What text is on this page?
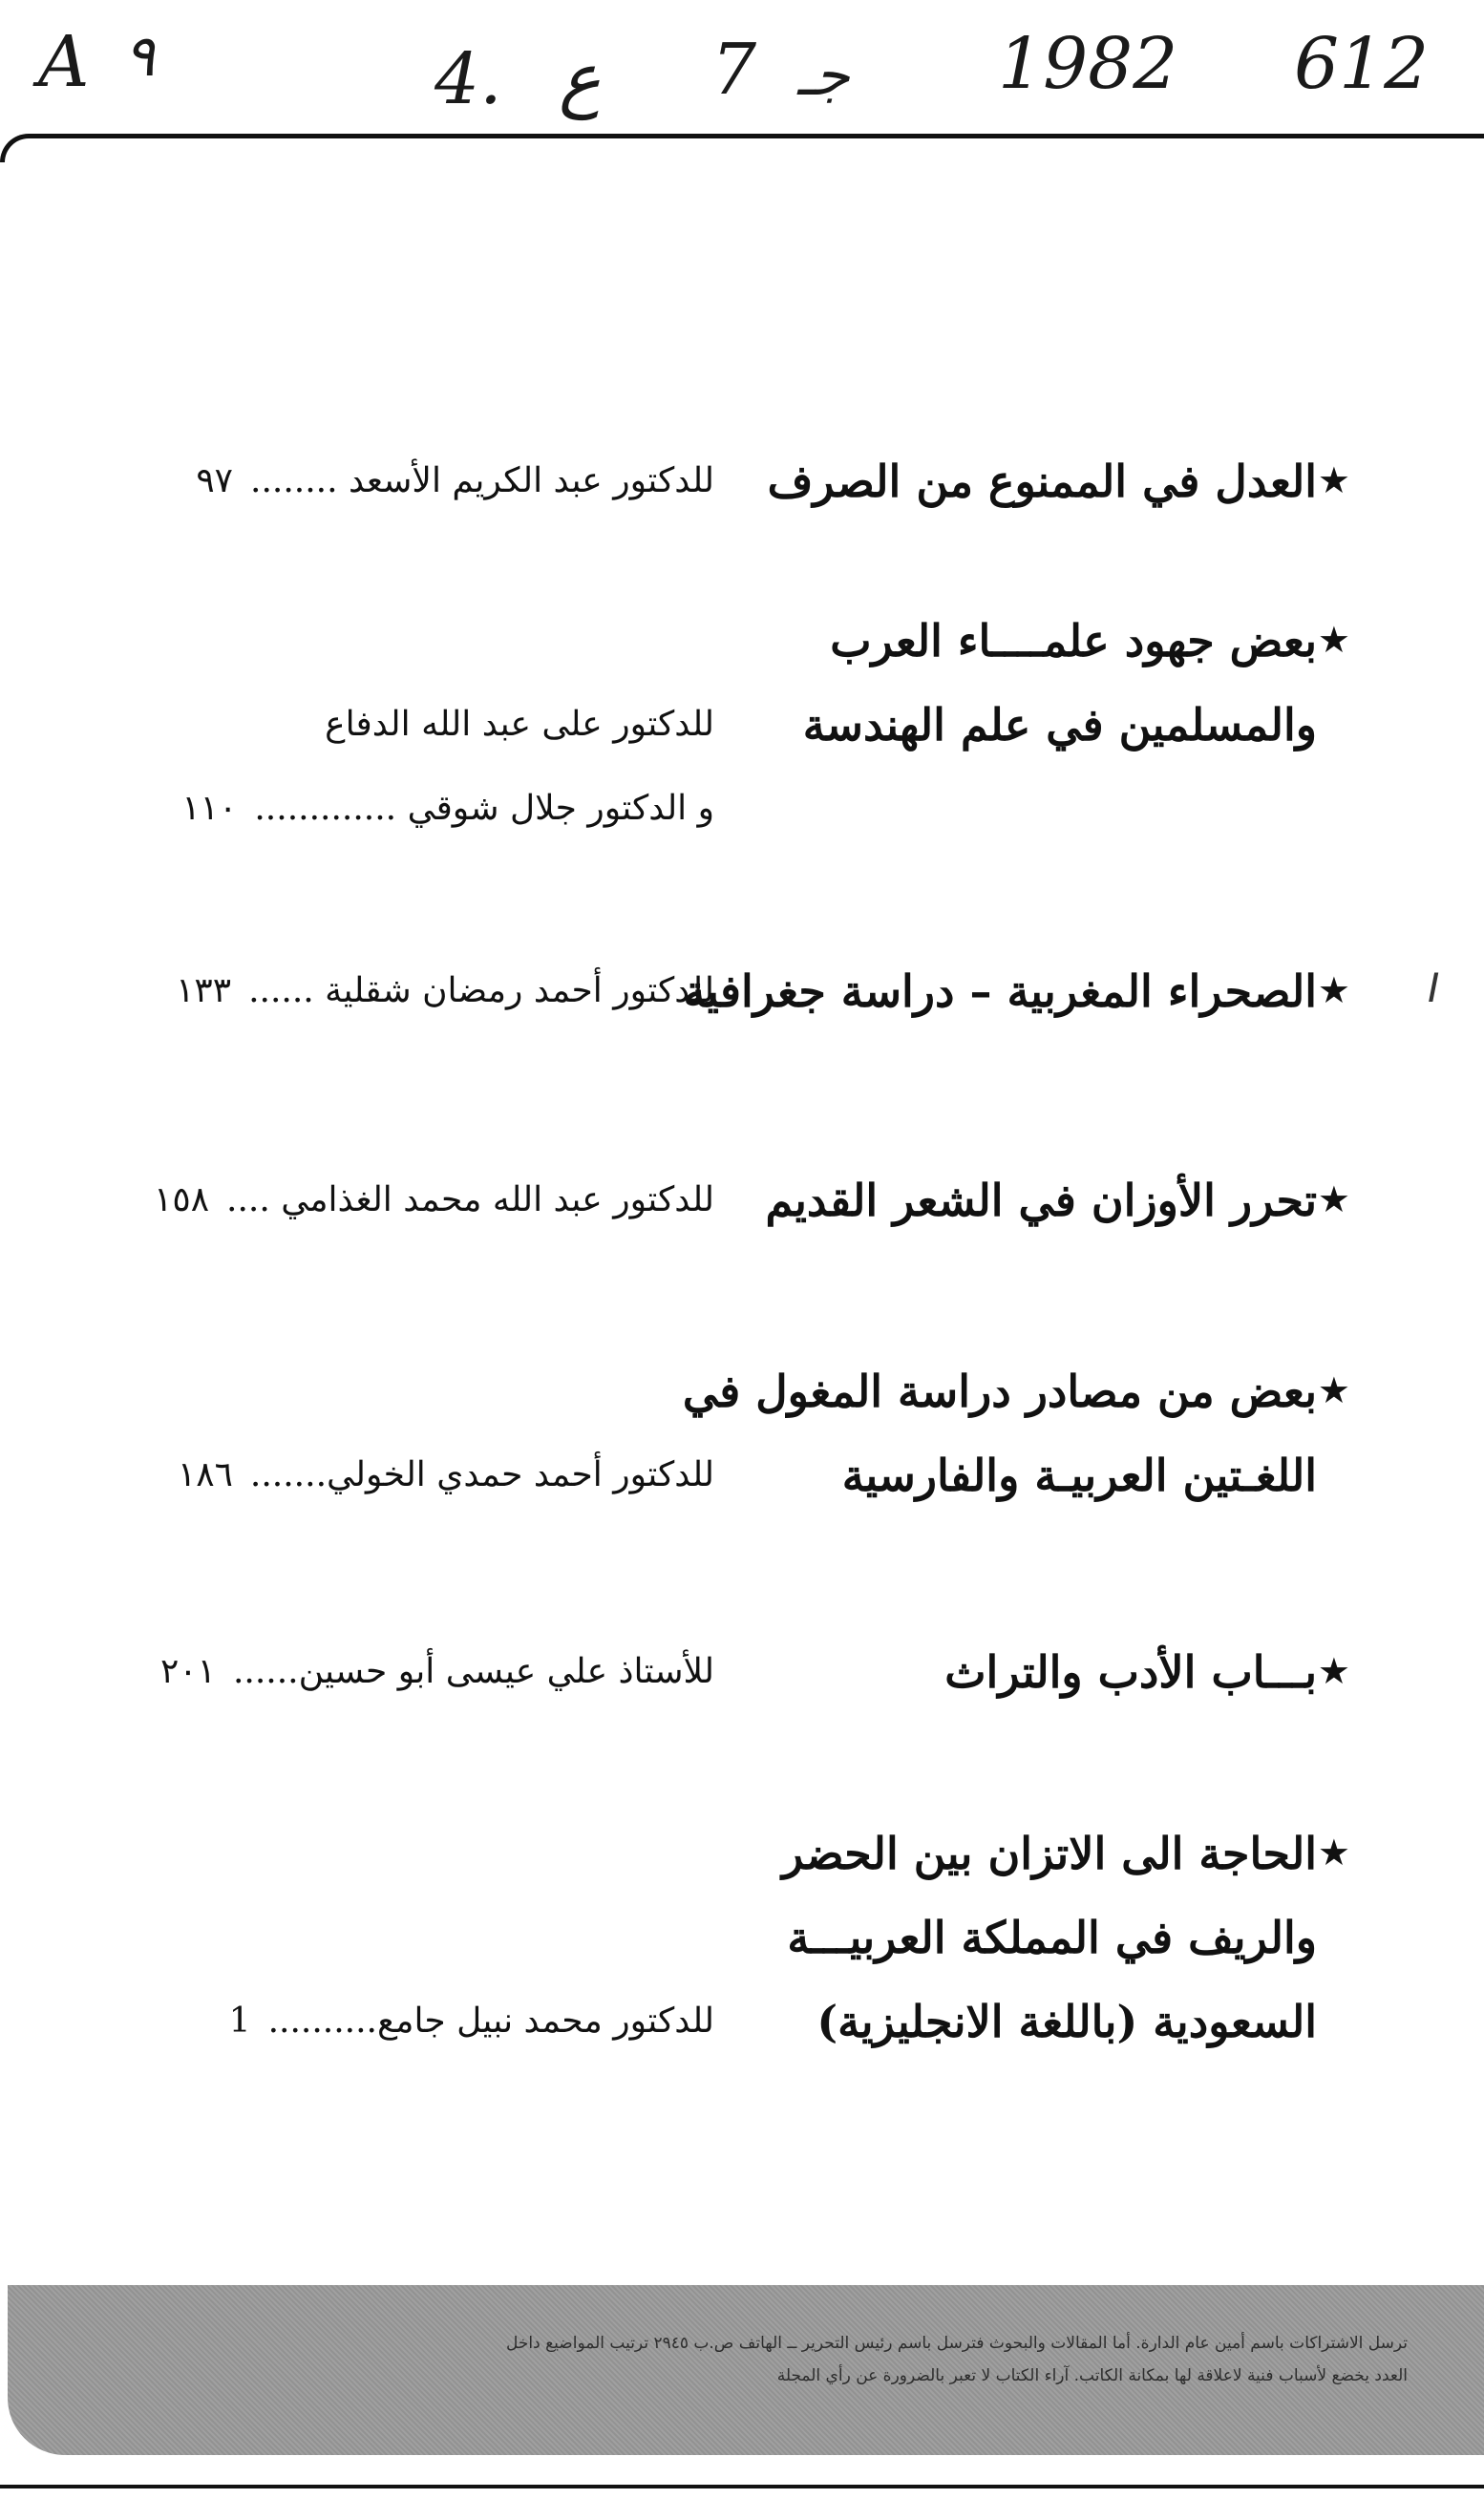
A ٩	4. ع 7 جـ 1982 612
★
العدل في الممنوع من الصرف
للدكتور عبد الكريم الأسعد ........٩٧
★
بعض جهود علمــــاء العرب
والمسلمين في علم الهندسة
للدكتور على عبد الله الدفاع
و الدكتور جلال شوقي .............١١٠
★
الصحراء المغربية – دراسة جغرافية
للدكتور أحمد رمضان شقلية ......١٣٣	I
★
تحرر الأوزان في الشعر القديم
للدكتور عبد الله محمد الغذامي ....١٥٨
★
بعض من مصادر دراسة المغول في
اللغـتين العربيـة والفارسية
للدكتور أحمد حمدي الخولي.......١٨٦
★
بـــاب الأدب والتراث
للأستاذ علي عيسى أبو حسين......٢٠١
★
الحاجة الى الاتزان بين الحضر
والريف في المملكة العربيـــة
السعودية (باللغة الانجليزية)
للدكتور محمد نبيل جامع..........1
ترسل الاشتراكات باسم أمين عام الدارة. أما المقالات والبحوث فترسل باسم رئيس التحرير ــ الهاتف ص.ب ٢٩٤٥ ترتيب المواضيع داخل
العدد يخضع لأسباب فنية لاعلاقة لها بمكانة الكاتب. آراء الكتاب لا تعبر بالضرورة عن رأي المجلة
